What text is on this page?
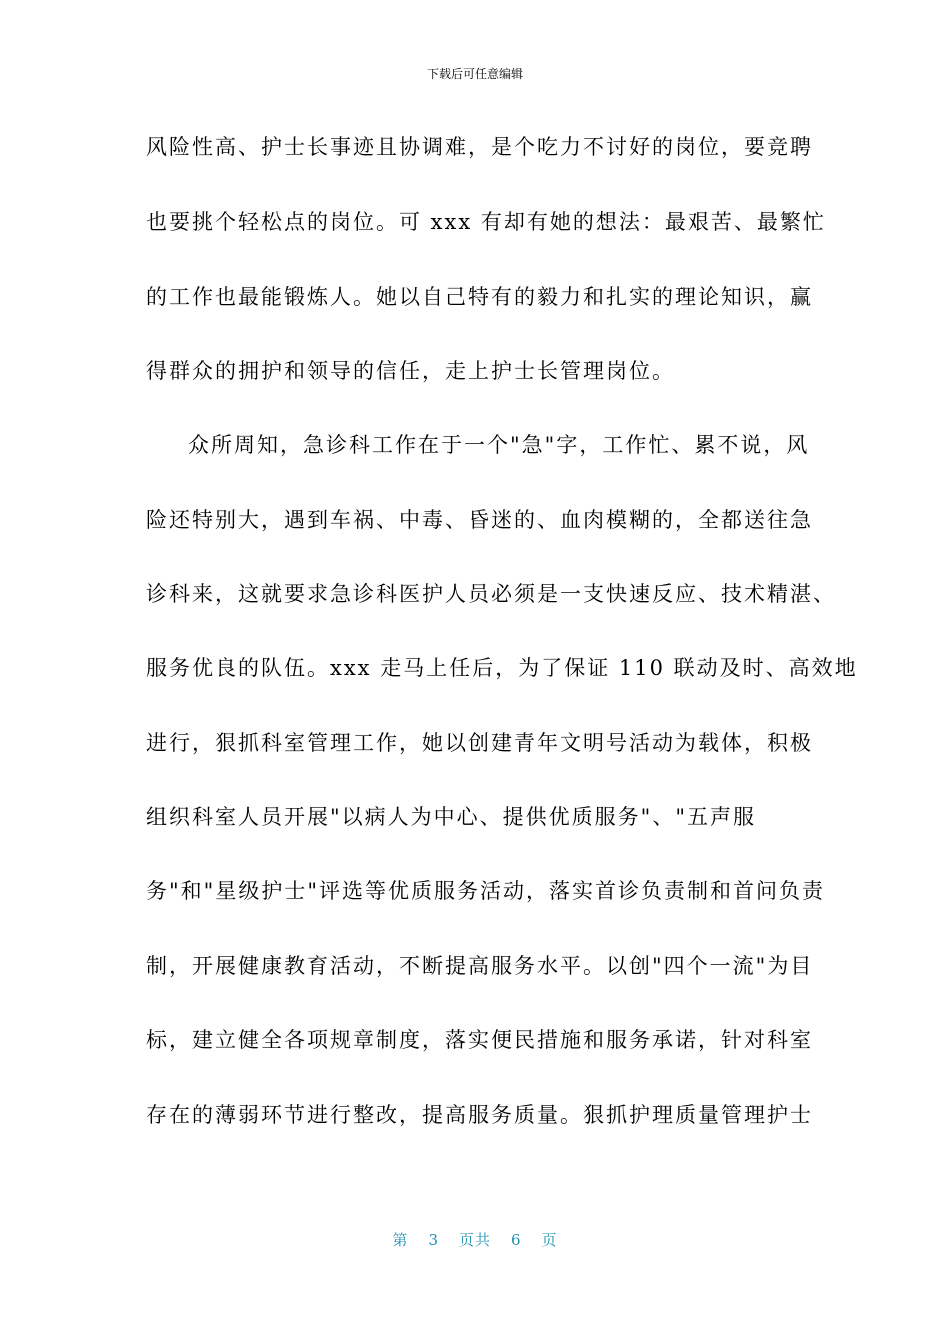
下载后可任意编辑
风险性高、护士长事迹且协调难，是个吃力不讨好的岗位，要竞聘
也要挑个轻松点的岗位。可 xxx 有却有她的想法：最艰苦、最繁忙
的工作也最能锻炼人。她以自己特有的毅力和扎实的理论知识，赢
得群众的拥护和领导的信任，走上护士长管理岗位。
众所周知，急诊科工作在于一个"急"字，工作忙、累不说，风
险还特别大，遇到车祸、中毒、昏迷的、血肉模糊的，全都送往急
诊科来，这就要求急诊科医护人员必须是一支快速反应、技术精湛、
服务优良的队伍。xxx 走马上任后，为了保证 110 联动及时、高效地
进行，狠抓科室管理工作，她以创建青年文明号活动为载体，积极
组织科室人员开展"以病人为中心、提供优质服务"、"五声服
务"和"星级护士"评选等优质服务活动，落实首诊负责制和首问负责
制，开展健康教育活动，不断提高服务水平。以创"四个一流"为目
标，建立健全各项规章制度，落实便民措施和服务承诺，针对科室
存在的薄弱环节进行整改，提高服务质量。狠抓护理质量管理护士
第 3 页共 6 页
